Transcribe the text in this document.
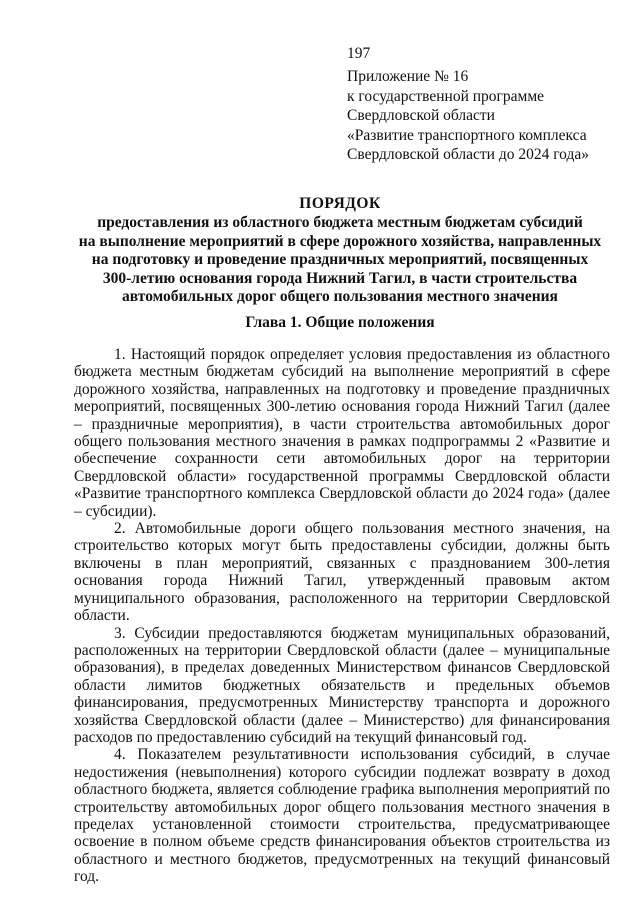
197
Приложение № 16
к государственной программе
Свердловской области
«Развитие транспортного комплекса
Свердловской области до 2024 года»
ПОРЯДОК
предоставления из областного бюджета местным бюджетам субсидий
на выполнение мероприятий в сфере дорожного хозяйства, направленных
на подготовку и проведение праздничных мероприятий, посвященных
300-летию основания города Нижний Тагил, в части строительства
автомобильных дорог общего пользования местного значения
Глава 1. Общие положения

1. Настоящий порядок определяет условия предоставления из областного бюджета местным бюджетам субсидий на выполнение мероприятий в сфере дорожного хозяйства, направленных на подготовку и проведение праздничных мероприятий, посвященных 300-летию основания города Нижний Тагил (далее – праздничные мероприятия), в части строительства автомобильных дорог общего пользования местного значения в рамках подпрограммы 2 «Развитие и обеспечение сохранности сети автомобильных дорог на территории Свердловской области» государственной программы Свердловской области «Развитие транспортного комплекса Свердловской области до 2024 года» (далее – субсидии).

2. Автомобильные дороги общего пользования местного значения, на строительство которых могут быть предоставлены субсидии, должны быть включены в план мероприятий, связанных с празднованием 300-летия основания города Нижний Тагил, утвержденный правовым актом муниципального образования, расположенного на территории Свердловской области.

3. Субсидии предоставляются бюджетам муниципальных образований, расположенных на территории Свердловской области (далее – муниципальные образования), в пределах доведенных Министерством финансов Свердловской области лимитов бюджетных обязательств и предельных объемов финансирования, предусмотренных Министерству транспорта и дорожного хозяйства Свердловской области (далее – Министерство) для финансирования расходов по предоставлению субсидий на текущий финансовый год.

4. Показателем результативности использования субсидий, в случае недостижения (невыполнения) которого субсидии подлежат возврату в доход областного бюджета, является соблюдение графика выполнения мероприятий по строительству автомобильных дорог общего пользования местного значения в пределах установленной стоимости строительства, предусматривающее освоение в полном объеме средств финансирования объектов строительства из областного и местного бюджетов, предусмотренных на текущий финансовый год.
